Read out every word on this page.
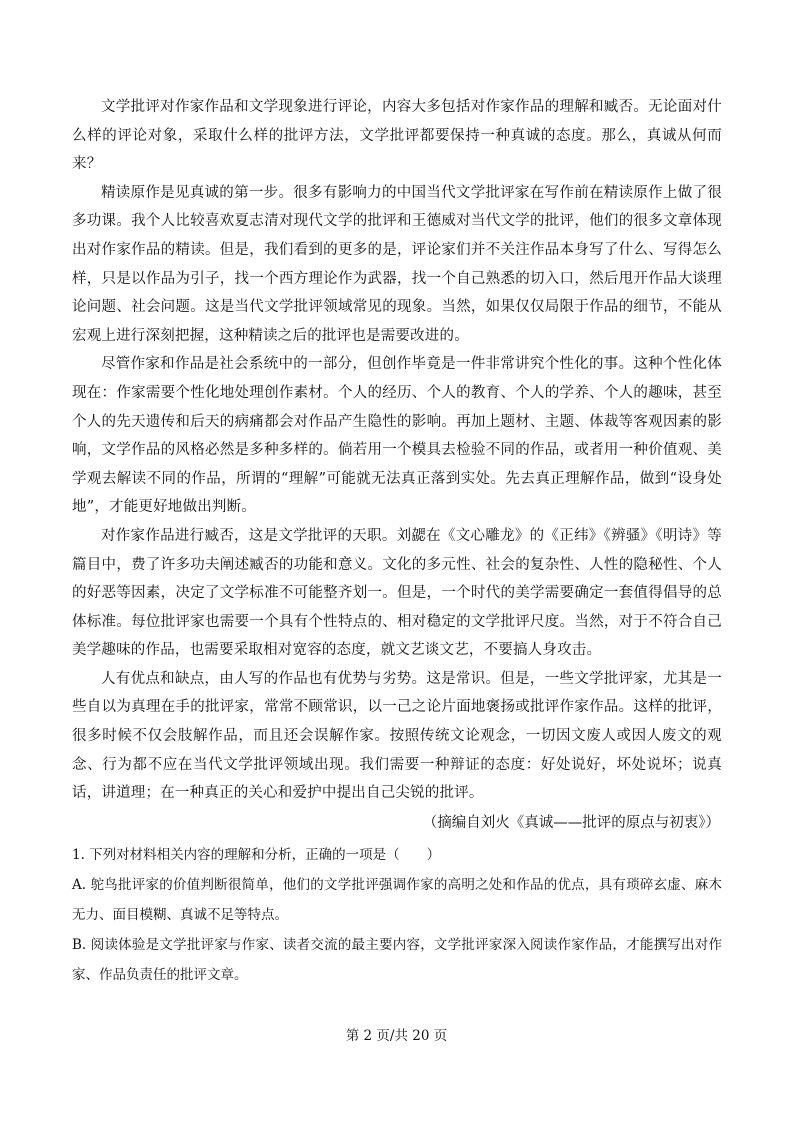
文学批评对作家作品和文学现象进行评论，内容大多包括对作家作品的理解和臧否。无论面对什么样的评论对象，采取什么样的批评方法，文学批评都要保持一种真诚的态度。那么，真诚从何而来？

精读原作是见真诚的第一步。很多有影响力的中国当代文学批评家在写作前在精读原作上做了很多功课。我个人比较喜欢夏志清对现代文学的批评和王德威对当代文学的批评，他们的很多文章体现出对作家作品的精读。但是，我们看到的更多的是，评论家们并不关注作品本身写了什么、写得怎么样，只是以作品为引子，找一个西方理论作为武器，找一个自己熟悉的切入口，然后甩开作品大谈理论问题、社会问题。这是当代文学批评领域常见的现象。当然，如果仅仅局限于作品的细节，不能从宏观上进行深刻把握，这种精读之后的批评也是需要改进的。

尽管作家和作品是社会系统中的一部分，但创作毕竟是一件非常讲究个性化的事。这种个性化体现在：作家需要个性化地处理创作素材。个人的经历、个人的教育、个人的学养、个人的趣味，甚至个人的先天遗传和后天的病痛都会对作品产生隐性的影响。再加上题材、主题、体裁等客观因素的影响，文学作品的风格必然是多种多样的。倘若用一个模具去检验不同的作品，或者用一种价值观、美学观去解读不同的作品，所谓的“理解”可能就无法真正落到实处。先去真正理解作品，做到“设身处地”，才能更好地做出判断。

对作家作品进行臧否，这是文学批评的天职。刘勰在《文心雕龙》的《正纬》《辨骚》《明诗》等篇目中，费了许多功夫阐述臧否的功能和意义。文化的多元性、社会的复杂性、人性的隐秘性、个人的好恶等因素，决定了文学标准不可能整齐划一。但是，一个时代的美学需要确定一套值得倡导的总体标准。每位批评家也需要一个具有个性特点的、相对稳定的文学批评尺度。当然，对于不符合自己美学趣味的作品，也需要采取相对宽容的态度，就文艺谈文艺，不要搞人身攻击。

人有优点和缺点，由人写的作品也有优势与劣势。这是常识。但是，一些文学批评家，尤其是一些自以为真理在手的批评家，常常不顾常识，以一己之论片面地褒扬或批评作家作品。这样的批评，很多时候不仅会肢解作品，而且还会误解作家。按照传统文论观念，一切因文废人或因人废文的观念、行为都不应在当代文学批评领域出现。我们需要一种辩证的态度：好处说好，坏处说坏；说真话，讲道理；在一种真正的关心和爱护中提出自己尖锐的批评。

（摘编自刘火《真诚——批评的原点与初衷》）

1. 下列对材料相关内容的理解和分析，正确的一项是（　　）

A. 鸵鸟批评家的价值判断很简单，他们的文学批评强调作家的高明之处和作品的优点，具有琐碎玄虚、麻木无力、面目模糊、真诚不足等特点。

B. 阅读体验是文学批评家与作家、读者交流的最主要内容，文学批评家深入阅读作家作品，才能撰写出对作家、作品负责任的批评文章。

第 2 页/共 20 页
